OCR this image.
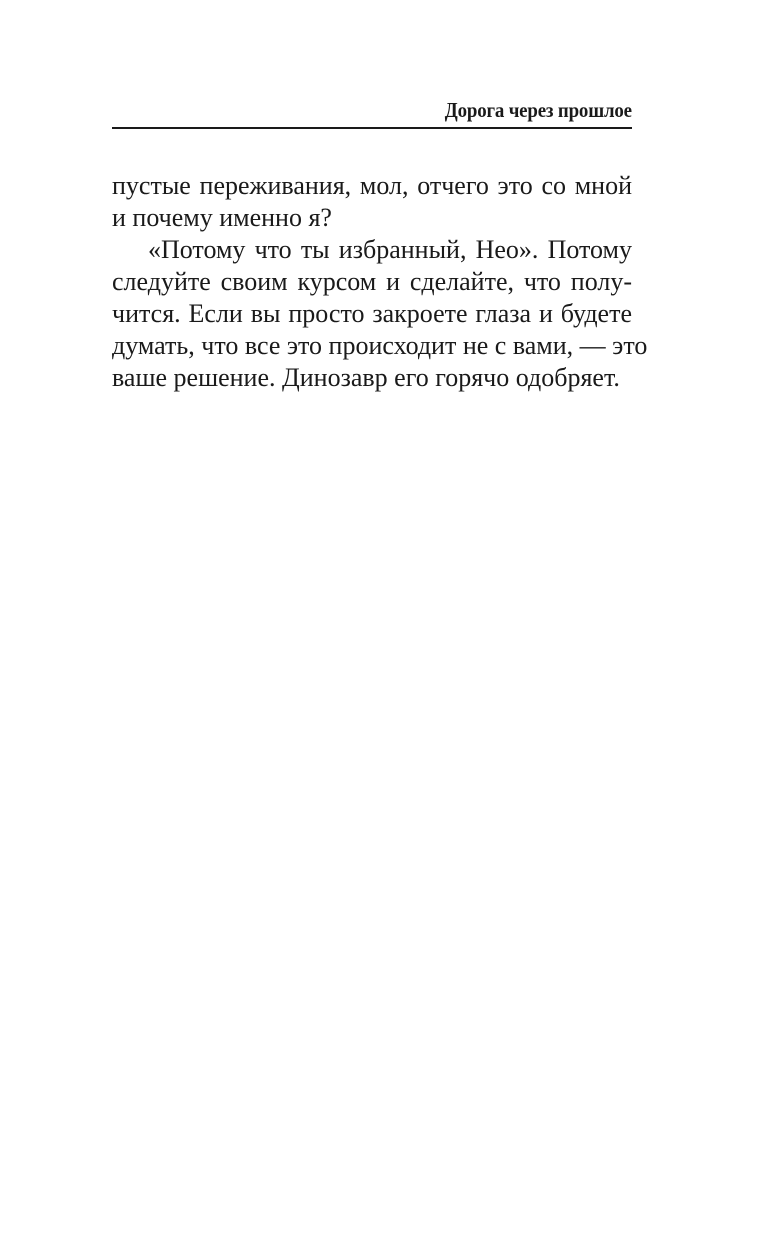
Дорога через прошлое
пустые переживания, мол, отчего это со мной
и почему именно я?
«Потому что ты избранный, Нео». Потому
следуйте своим курсом и сделайте, что полу-
чится. Если вы просто закроете глаза и будете
думать, что все это происходит не с вами, — это
ваше решение. Динозавр его горячо одобряет.
